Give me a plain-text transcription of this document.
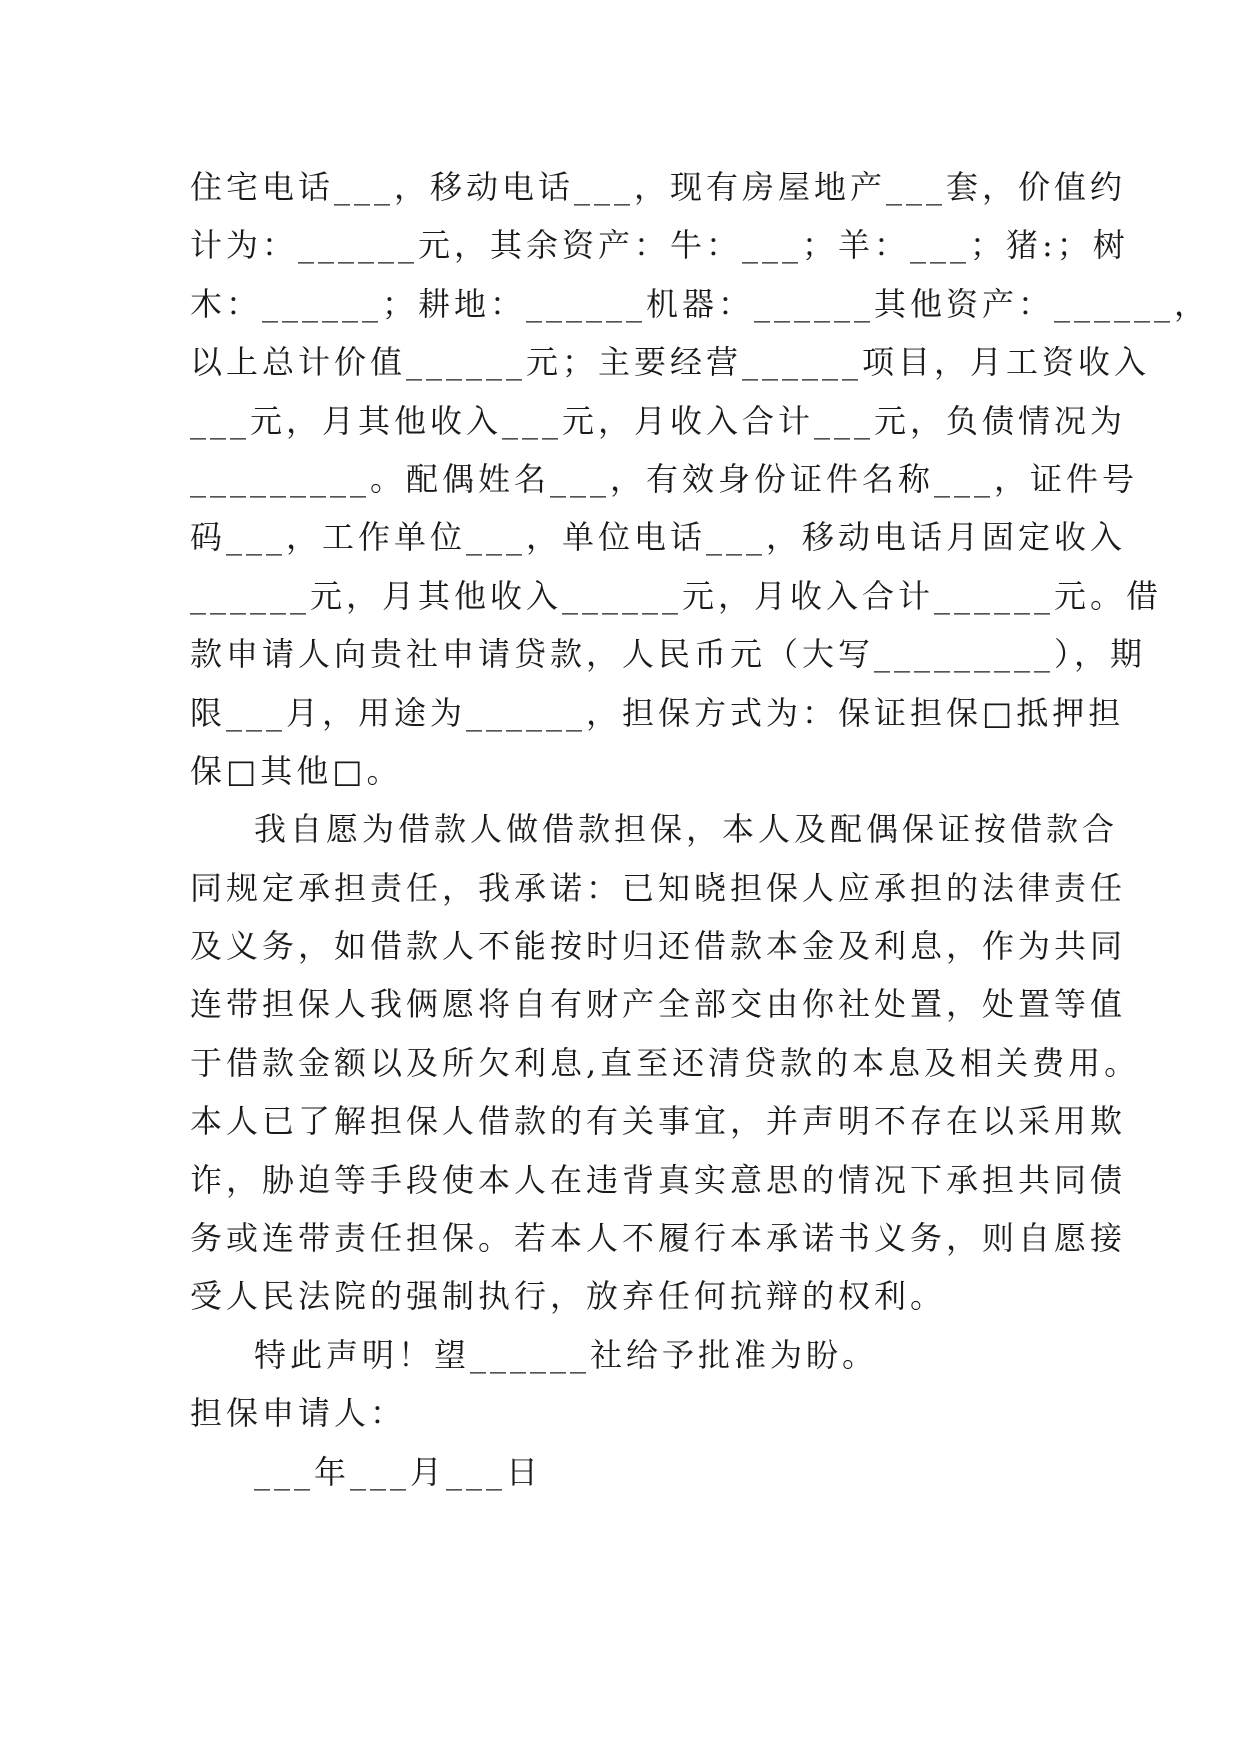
住宅电话___，移动电话___，现有房屋地产___套，价值约
计为：______元，其余资产：牛：___；羊：___；猪:；树
木：______；耕地：______机器：______其他资产：______，
以上总计价值______元；主要经营______项目，月工资收入
___元，月其他收入___元，月收入合计___元，负债情况为
_________。配偶姓名___，有效身份证件名称___，证件号
码___，工作单位___，单位电话___，移动电话月固定收入
______元，月其他收入______元，月收入合计______元。借
款申请人向贵社申请贷款，人民币元（大写_________），期
限___月，用途为______，担保方式为：保证担保□抵押担
保□其他□。
我自愿为借款人做借款担保，本人及配偶保证按借款合
同规定承担责任，我承诺：已知晓担保人应承担的法律责任
及义务，如借款人不能按时归还借款本金及利息，作为共同
连带担保人我俩愿将自有财产全部交由你社处置，处置等值
于借款金额以及所欠利息,直至还清贷款的本息及相关费用。
本人已了解担保人借款的有关事宜，并声明不存在以采用欺
诈，胁迫等手段使本人在违背真实意思的情况下承担共同债
务或连带责任担保。若本人不履行本承诺书义务，则自愿接
受人民法院的强制执行，放弃任何抗辩的权利。
特此声明！望______社给予批准为盼。
担保申请人：
___年___月___日
